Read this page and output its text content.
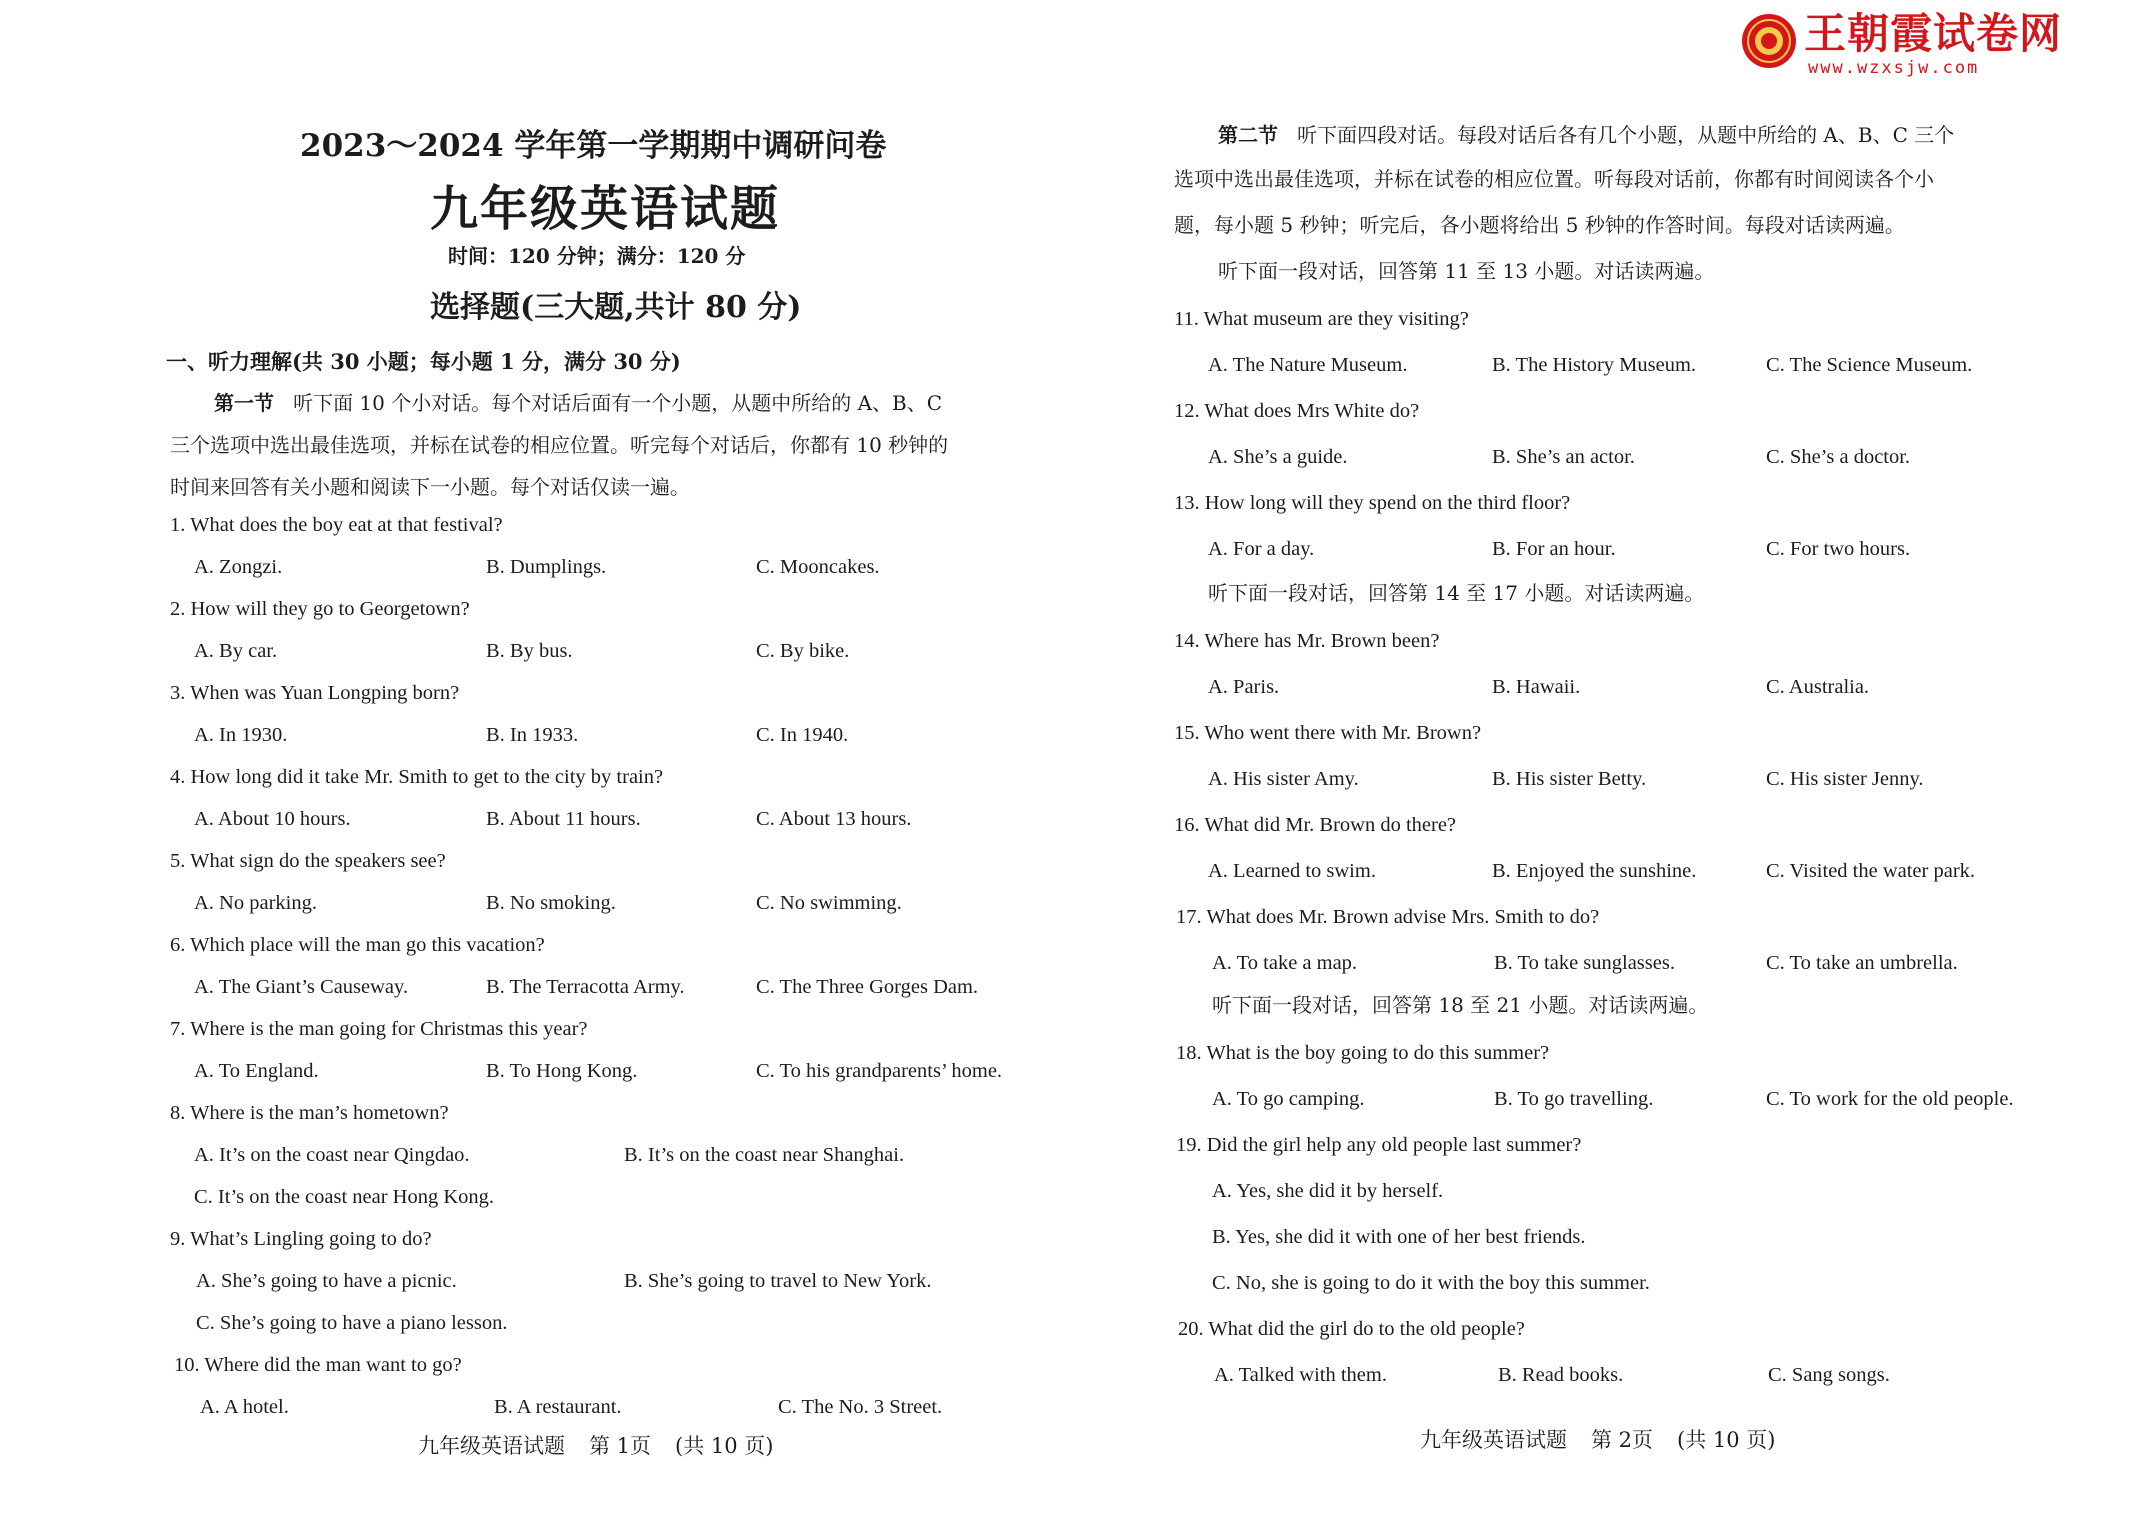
王朝霞试卷网
www.wzxsjw.com
2023～2024 学年第一学期期中调研问卷
九年级英语试题
时间：120 分钟；满分：120 分
选择题(三大题,共计 80 分)
一、听力理解(共 30 小题；每小题 1 分，满分 30 分)
第一节 听下面 10 个小对话。每个对话后面有一个小题，从题中所给的 A、B、C
三个选项中选出最佳选项，并标在试卷的相应位置。听完每个对话后，你都有 10 秒钟的
时间来回答有关小题和阅读下一小题。每个对话仅读一遍。
1. What does the boy eat at that festival?
A. Zongzi.	B. Dumplings.	C. Mooncakes.
2. How will they go to Georgetown?
A. By car.	B. By bus.	C. By bike.
3. When was Yuan Longping born?
A. In 1930.	B. In 1933.	C. In 1940.
4. How long did it take Mr. Smith to get to the city by train?
A. About 10 hours.	B. About 11 hours.	C. About 13 hours.
5. What sign do the speakers see?
A. No parking.	B. No smoking.	C. No swimming.
6. Which place will the man go this vacation?
A. The Giant’s Causeway.	B. The Terracotta Army.	C. The Three Gorges Dam.
7. Where is the man going for Christmas this year?
A. To England.	B. To Hong Kong.	C. To his grandparents’ home.
8. Where is the man’s hometown?
A. It’s on the coast near Qingdao.	B. It’s on the coast near Shanghai.
C. It’s on the coast near Hong Kong.
9. What’s Lingling going to do?
A. She’s going to have a picnic.	B. She’s going to travel to New York.
C. She’s going to have a piano lesson.
10. Where did the man want to go?
A. A hotel.	B. A restaurant.	C. The No. 3 Street.
九年级英语试题 第 1页 (共 10 页)
第二节 听下面四段对话。每段对话后各有几个小题，从题中所给的 A、B、C 三个
选项中选出最佳选项，并标在试卷的相应位置。听每段对话前，你都有时间阅读各个小
题，每小题 5 秒钟；听完后，各小题将给出 5 秒钟的作答时间。每段对话读两遍。
听下面一段对话，回答第 11 至 13 小题。对话读两遍。
11. What museum are they visiting?
A. The Nature Museum.	B. The History Museum.	C. The Science Museum.
12. What does Mrs White do?
A. She’s a guide.	B. She’s an actor.	C. She’s a doctor.
13. How long will they spend on the third floor?
A. For a day.	B. For an hour.	C. For two hours.
听下面一段对话，回答第 14 至 17 小题。对话读两遍。
14. Where has Mr. Brown been?
A. Paris.	B. Hawaii.	C. Australia.
15. Who went there with Mr. Brown?
A. His sister Amy.	B. His sister Betty.	C. His sister Jenny.
16. What did Mr. Brown do there?
A. Learned to swim.	B. Enjoyed the sunshine.	C. Visited the water park.
17. What does Mr. Brown advise Mrs. Smith to do?
A. To take a map.	B. To take sunglasses.	C. To take an umbrella.
听下面一段对话，回答第 18 至 21 小题。对话读两遍。
18. What is the boy going to do this summer?
A. To go camping.	B. To go travelling.	C. To work for the old people.
19. Did the girl help any old people last summer?
A. Yes, she did it by herself.
B. Yes, she did it with one of her best friends.
C. No, she is going to do it with the boy this summer.
20. What did the girl do to the old people?
A. Talked with them.	B. Read books.	C. Sang songs.
九年级英语试题 第 2页 (共 10 页)
